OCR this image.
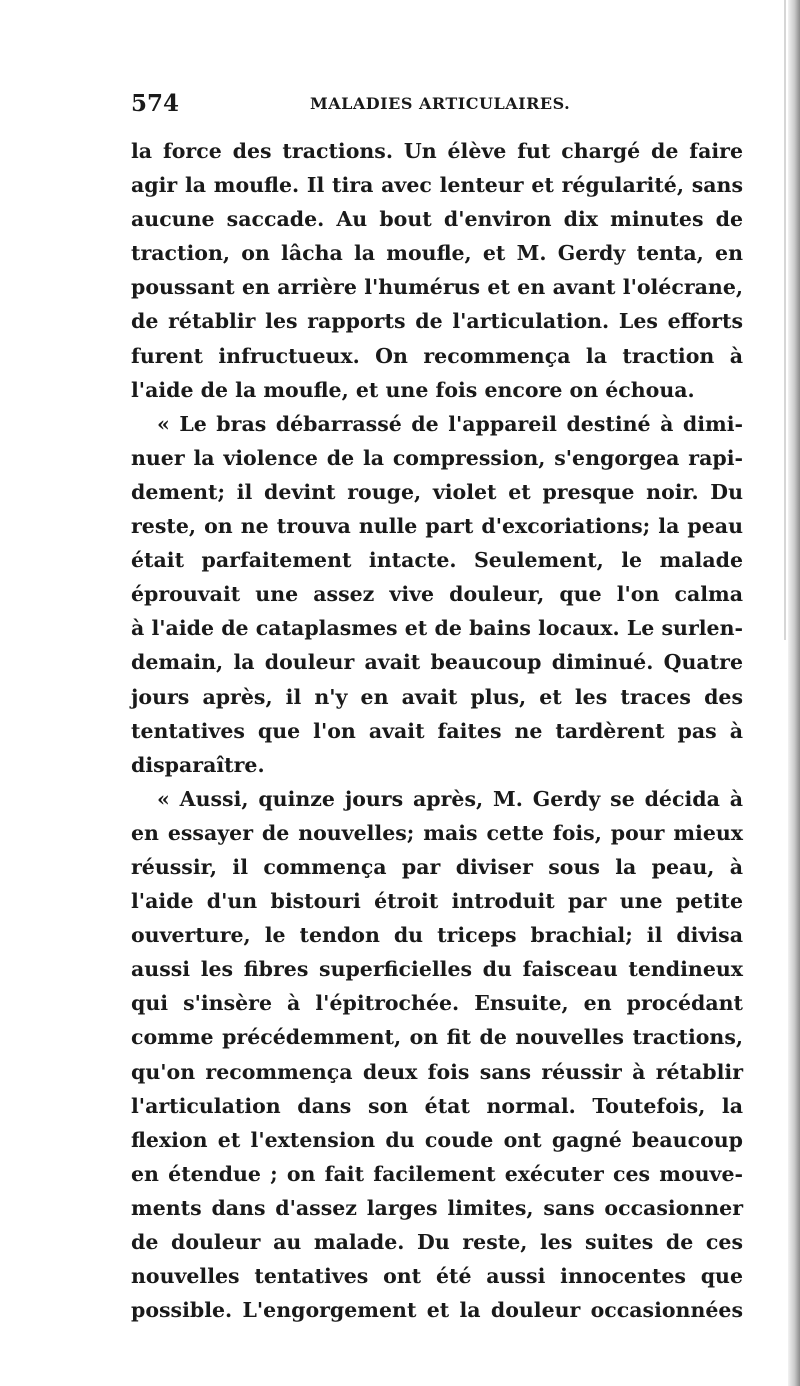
574	MALADIES ARTICULAIRES.
la force des tractions. Un élève fut chargé de faire
agir la moufle. Il tira avec lenteur et régularité, sans
aucune saccade. Au bout d'environ dix minutes de
traction, on lâcha la moufle, et M. Gerdy tenta, en
poussant en arrière l'humérus et en avant l'olécrane,
de rétablir les rapports de l'articulation. Les efforts
furent infructueux. On recommença la traction à
l'aide de la moufle, et une fois encore on échoua.
« Le bras débarrassé de l'appareil destiné à dimi-
nuer la violence de la compression, s'engorgea rapi-
dement; il devint rouge, violet et presque noir. Du
reste, on ne trouva nulle part d'excoriations; la peau
était parfaitement intacte. Seulement, le malade
éprouvait une assez vive douleur, que l'on calma
à l'aide de cataplasmes et de bains locaux. Le surlen-
demain, la douleur avait beaucoup diminué. Quatre
jours après, il n'y en avait plus, et les traces des
tentatives que l'on avait faites ne tardèrent pas à
disparaître.
« Aussi, quinze jours après, M. Gerdy se décida à
en essayer de nouvelles; mais cette fois, pour mieux
réussir, il commença par diviser sous la peau, à
l'aide d'un bistouri étroit introduit par une petite
ouverture, le tendon du triceps brachial; il divisa
aussi les fibres superficielles du faisceau tendineux
qui s'insère à l'épitrochée. Ensuite, en procédant
comme précédemment, on fit de nouvelles tractions,
qu'on recommença deux fois sans réussir à rétablir
l'articulation dans son état normal. Toutefois, la
flexion et l'extension du coude ont gagné beaucoup
en étendue ; on fait facilement exécuter ces mouve-
ments dans d'assez larges limites, sans occasionner
de douleur au malade. Du reste, les suites de ces
nouvelles tentatives ont été aussi innocentes que
possible. L'engorgement et la douleur occasionnées
